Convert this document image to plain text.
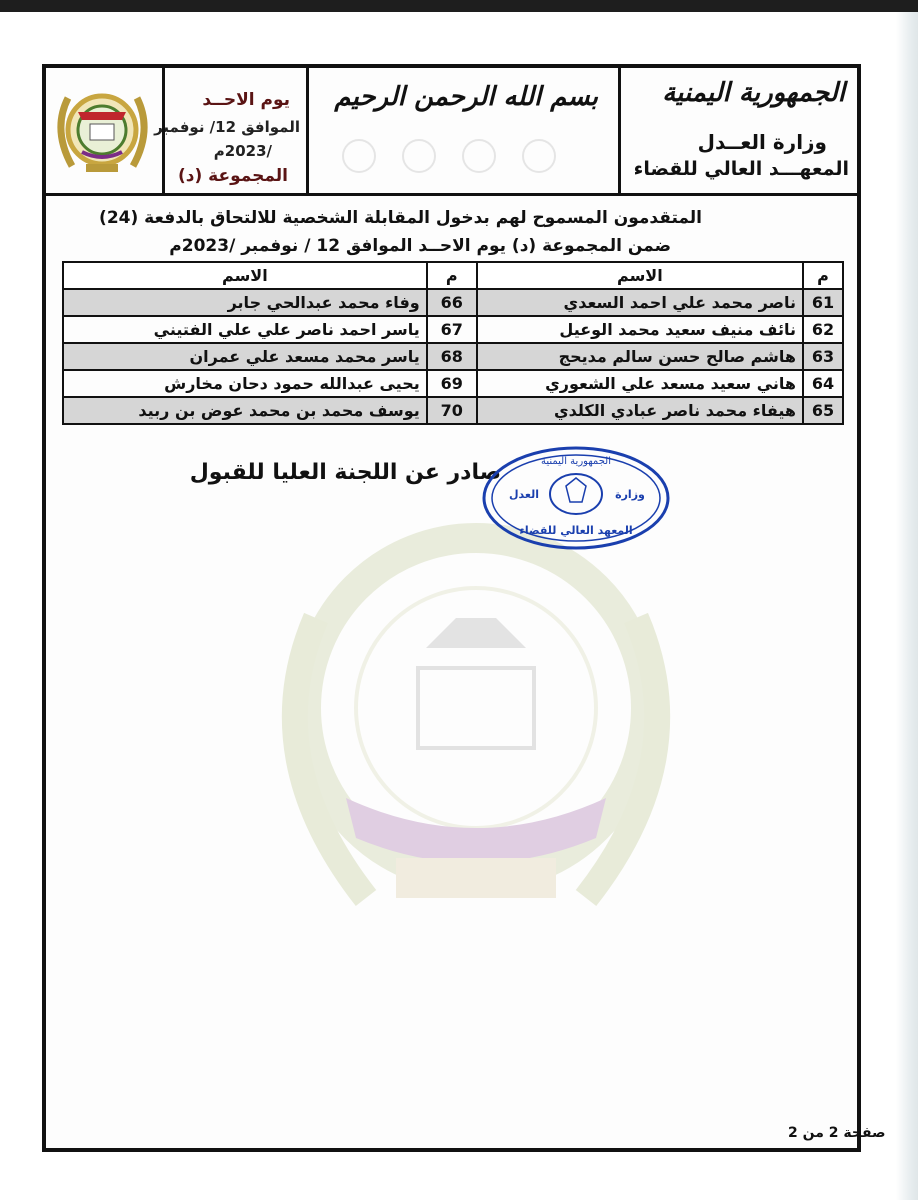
الجمهورية اليمنية
وزارة العــدل
المعهـــد العالي للقضاء
بسم الله الرحمن الرحيم
يوم الاحــد
الموافق 12/ نوفمبر
/2023م
المجموعة (د)
المتقدمون المسموح لهم بدخول المقابلة الشخصية للالتحاق بالدفعة (24)
ضمن المجموعة (د) يوم الاحــد الموافق 12 / نوفمبر /2023م
م	الاسم	م	الاسم
61	ناصر محمد علي احمد السعدي	66	وفاء محمد عبدالحي جابر
62	نائف منيف سعيد محمد الوعيل	67	ياسر احمد ناصر علي علي الفتيني
63	هاشم صالح حسن سالم مديحج	68	ياسر محمد مسعد علي عمران
64	هاني سعيد مسعد علي الشعوري	69	يحيى عبدالله حمود دحان مخارش
65	هيفاء محمد ناصر عبادي الكلدي	70	يوسف محمد بن محمد عوض بن ربيد
صادر عن اللجنة العليا للقبول	الجمهورية اليمنية
وزارة
العدل
المعهد العالي للقضاء
صفحة 2 من 2
